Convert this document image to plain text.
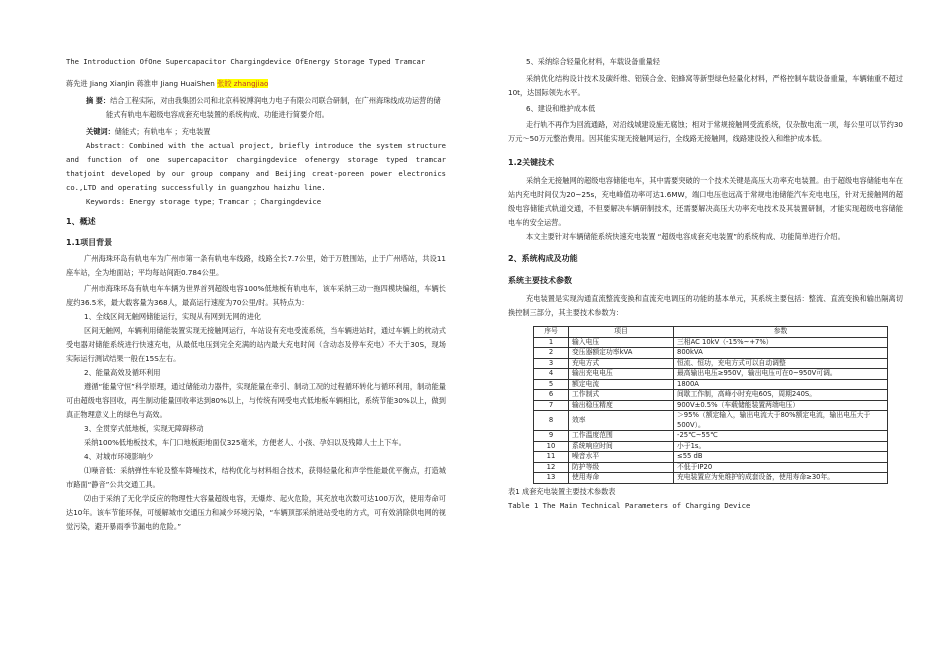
The Introduction OfOne Supercapacitor Chargingdevice OfEnergy Storage Typed Tramcar

蒋先进 Jiang XianJin 蒋淮申 Jiang HuaiShen 张皎 zhangjiao

摘 要：结合工程实际，对由我集团公司和北京科锐博润电力电子有限公司联合研制，在广州海珠线成功运营的储能式有轨电车超级电容成套充电装置的系统构成、功能进行简要介绍。

关键词：储能式；有轨电车 ；充电装置

Abstract：Combined with the actual project, briefly introduce the system structure and function of one supercapacitor chargingdevice ofenergy storage typed tramcar thatjoint developed by our group company and Beijing creat-poreen power electronics co.,LTD and operating successfully in guangzhou haizhu line.

Keywords: Energy storage type；Tramcar ；Chargingdevice

1、概述

1.1项目背景

广州海珠环岛有轨电车为广州市第一条有轨电车线路，线路全长7.7公里，始于万胜围站，止于广州塔站，共设11座车站，全为地面站；平均每站间距0.784公里。

广州市海珠环岛有轨电车车辆为世界首列超级电容100%低地板有轨电车，该车采纳三动一拖四模块编组，车辆长度约36.5米，最大载客量为368人，最高运行速度为70公里/时。其特点为：

1、全线区间无触网储能运行，实现从有网到无网的进化

区间无触网，车辆利用储能装置实现无接触网运行，车站设有充电受流系统，当车辆进站时，通过车辆上的枕动式受电器对储能系统进行快速充电，从最低电压到完全充满的站内最大充电时间（含动态及停车充电）不大于30S，现场实际运行测试结果一般在15S左右。

2、能量高效及循环利用

遵循“能量守恒”科学原理，通过储能动力器件，实现能量在牵引、制动工况的过程循环转化与循环利用，制动能量可由超级电容回收，再生制动能量回收率达到80%以上，与传统有网受电式低地板车辆相比，系统节能30%以上，做到真正物理意义上的绿色与高效。

3、全贯穿式低地板，实现无障碍移动

采纳100%低地板技术，车门口地板距地面仅325毫米，方便老人、小孩、孕妇以及残障人士上下车。

4、对城市环境影响少

⑴噪音低：采纳弹性车轮及整车降噪技术，结构优化与材料组合技术，获得轻量化和声学性能最优平衡点，打造城市路面“静音”公共交通工具。

⑵由于采纳了无化学反应的物理性大容量超级电容，无爆炸、起火危险，其充放电次数可达100万次，使用寿命可达10年。该车节能环保，可缓解城市交通压力和减少环境污染，“车辆顶部采纳进站受电的方式，可有效消除供电网的视觉污染，避开暴雨季节漏电的危险。”

5、采纳综合轻量化材料，车载设备重量轻

采纳优化结构设计技术及碳纤维、铝镁合金、铝蜂窝等新型绿色轻量化材料，严格控制车载设备重量，车辆轴重不超过10t，达国际领先水平。

6、建设和维护成本低

走行轨不再作为回流通路，对沿线城建设施无腐蚀；相对于常规接触网受流系统，仅杂散电流一项，每公里可以节约30万元～50万元整治费用。因其能实现无接触网运行，全线路无接触网，线路建设投入和维护成本低。

1.2关键技术

采纳全无接触网的超级电容储能电车，其中需要突破的一个技术关键是高压大功率充电装置。由于超级电容储能电车在站内充电时间仅为20~25s，充电峰值功率可达1.6MW，端口电压也远高于常规电池储能汽车充电电压，针对无接触网的超级电容储能式轨道交通，不但要解决车辆研制技术，还需要解决高压大功率充电技术及其装置研制，才能实现超级电容储能电车的安全运营。

本文主要针对车辆储能系统快速充电装置 “超级电容成套充电装置”的系统构成、功能简单进行介绍。

2、系统构成及功能

系统主要技术参数

充电装置是实现沟通直流整流变换和直流充电调压的功能的基本单元，其系统主要包括：整流、直流变换和输出隔离切换控制三部分，其主要技术参数为：

序号	项目	参数
1	输入电压	三相AC 10kV（-15%~+7%）
2	变压器额定功率kVA	800kVA
3	充电方式	恒流、恒功，充电方式可以自动调整
4	输出充电电压	最高输出电压≥950V，输出电压可在0~950V可调。
5	额定电流	1800A
6	工作制式	间歇工作制，高峰小时充电60S，周期240S。
7	输出稳压精度	900V±0.5%（车载储能装置两端电压）
8	效率	＞95%（额定输入，输出电流大于80%额定电流，输出电压大于500V）。
9	工作温度范围	-25℃~55℃
10	系统响应时间	小于1s。
11	噪音水平	≤55 dB
12	防护等级	不低于IP20
13	使用寿命	充电装置应为免维护的成套设备，使用寿命≥30年。

表1 成套充电装置主要技术参数表

Table 1 The Main Technical Parameters of Charging Device
